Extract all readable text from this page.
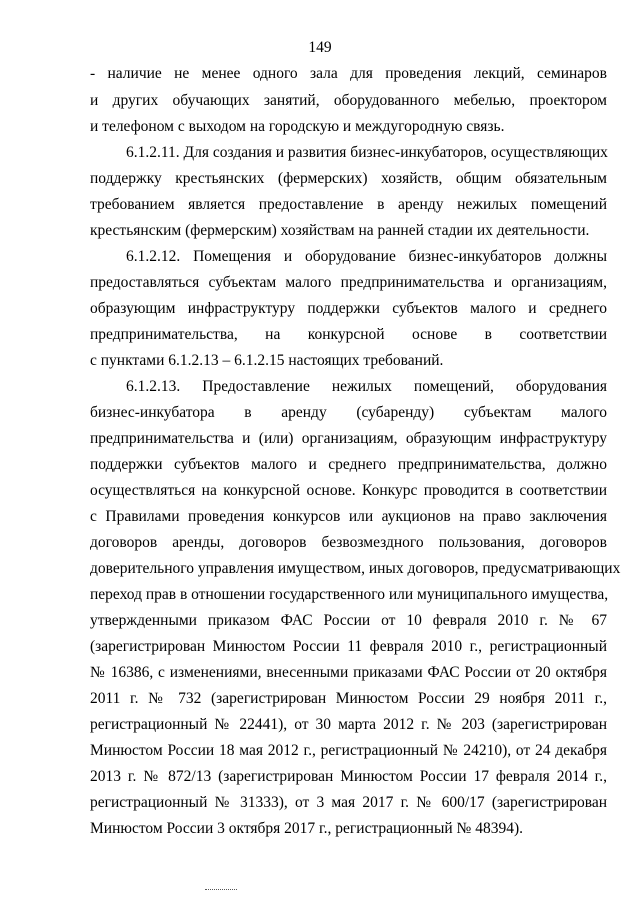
149
- наличие не менее одного зала для проведения лекций, семинаров
и других обучающих занятий, оборудованного мебелью, проектором
и телефоном с выходом на городскую и междугородную связь.
6.1.2.11. Для создания и развития бизнес-инкубаторов, осуществляющих
поддержку крестьянских (фермерских) хозяйств, общим обязательным
требованием является предоставление в аренду нежилых помещений
крестьянским (фермерским) хозяйствам на ранней стадии их деятельности.
6.1.2.12. Помещения и оборудование бизнес-инкубаторов должны
предоставляться субъектам малого предпринимательства и организациям,
образующим инфраструктуру поддержки субъектов малого и среднего
предпринимательства, на конкурсной основе в соответствии
с пунктами 6.1.2.13 – 6.1.2.15 настоящих требований.
6.1.2.13. Предоставление нежилых помещений, оборудования
бизнес-инкубатора в аренду (субаренду) субъектам малого
предпринимательства и (или) организациям, образующим инфраструктуру
поддержки субъектов малого и среднего предпринимательства, должно
осуществляться на конкурсной основе. Конкурс проводится в соответствии
с Правилами проведения конкурсов или аукционов на право заключения
договоров аренды, договоров безвозмездного пользования, договоров
доверительного управления имуществом, иных договоров, предусматривающих
переход прав в отношении государственного или муниципального имущества,
утвержденными приказом ФАС России от 10 февраля 2010 г. № 67
(зарегистрирован Минюстом России 11 февраля 2010 г., регистрационный
№ 16386, с изменениями, внесенными приказами ФАС России от 20 октября
2011 г. № 732 (зарегистрирован Минюстом России 29 ноября 2011 г.,
регистрационный № 22441), от 30 марта 2012 г. № 203 (зарегистрирован
Минюстом России 18 мая 2012 г., регистрационный № 24210), от 24 декабря
2013 г. № 872/13 (зарегистрирован Минюстом России 17 февраля 2014 г.,
регистрационный № 31333), от 3 мая 2017 г. № 600/17 (зарегистрирован
Минюстом России 3 октября 2017 г., регистрационный № 48394).
